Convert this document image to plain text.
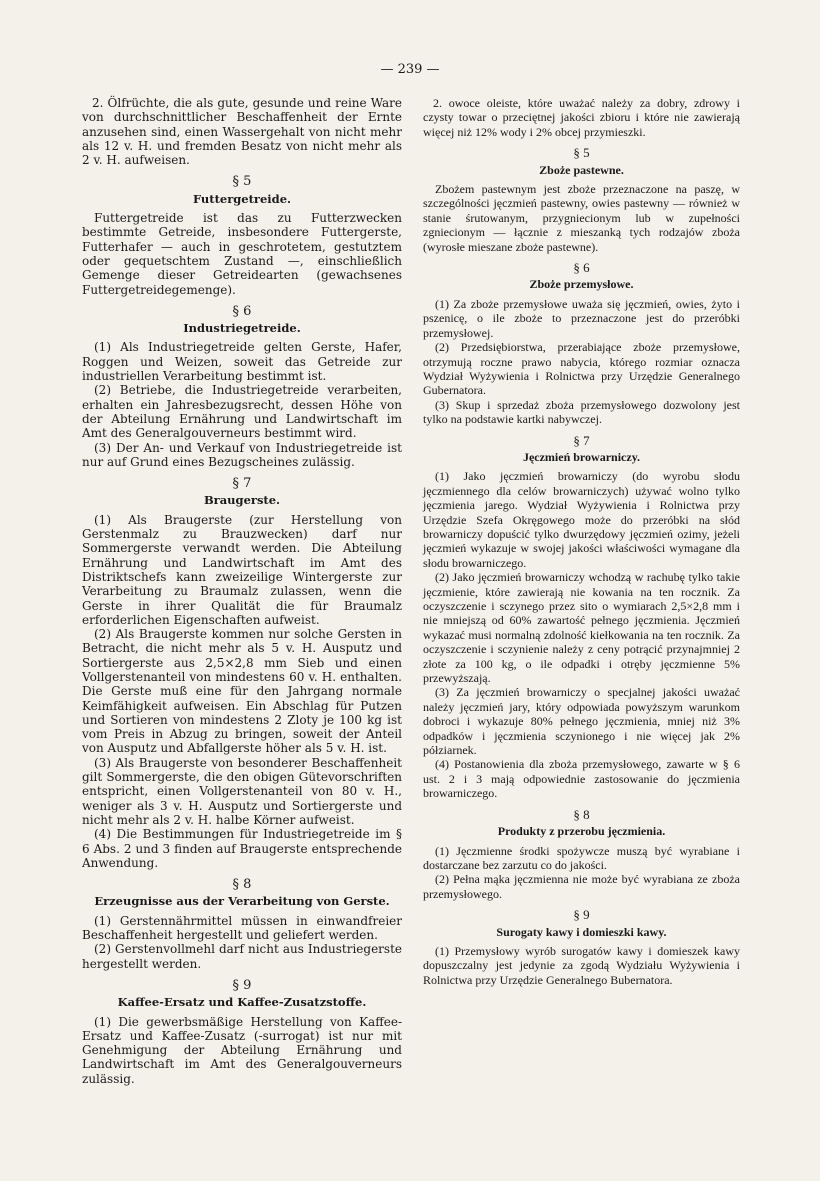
— 239 —

2. Ölfrüchte, die als gute, gesunde und reine Ware von durchschnittlicher Beschaffenheit der Ernte anzusehen sind, einen Wassergehalt von nicht mehr als 12 v. H. und fremden Besatz von nicht mehr als 2 v. H. aufweisen.

§ 5
Futtergetreide.

Futtergetreide ist das zu Futterzwecken bestimmte Getreide, insbesondere Futtergerste, Futterhafer — auch in geschrotetem, gestutztem oder gequetschtem Zustand —, einschließlich Gemenge dieser Getreidearten (gewachsenes Futtergetreidegemenge).

§ 6
Industriegetreide.

(1) Als Industriegetreide gelten Gerste, Hafer, Roggen und Weizen, soweit das Getreide zur industriellen Verarbeitung bestimmt ist.

(2) Betriebe, die Industriegetreide verarbeiten, erhalten ein Jahresbezugsrecht, dessen Höhe von der Abteilung Ernährung und Landwirtschaft im Amt des Generalgouverneurs bestimmt wird.

(3) Der An- und Verkauf von Industriegetreide ist nur auf Grund eines Bezugscheines zulässig.

§ 7
Braugerste.

(1) Als Braugerste (zur Herstellung von Gerstenmalz zu Brauzwecken) darf nur Sommergerste verwandt werden. Die Abteilung Ernährung und Landwirtschaft im Amt des Distriktschefs kann zweizeilige Wintergerste zur Verarbeitung zu Braumalz zulassen, wenn die Gerste in ihrer Qualität die für Braumalz erforderlichen Eigenschaften aufweist.

(2) Als Braugerste kommen nur solche Gersten in Betracht, die nicht mehr als 5 v. H. Ausputz und Sortiergerste aus 2,5×2,8 mm Sieb und einen Vollgerstenanteil von mindestens 60 v. H. enthalten. Die Gerste muß eine für den Jahrgang normale Keimfähigkeit aufweisen. Ein Abschlag für Putzen und Sortieren von mindestens 2 Zloty je 100 kg ist vom Preis in Abzug zu bringen, soweit der Anteil von Ausputz und Abfallgerste höher als 5 v. H. ist.

(3) Als Braugerste von besonderer Beschaffenheit gilt Sommergerste, die den obigen Gütevorschriften entspricht, einen Vollgerstenanteil von 80 v. H., weniger als 3 v. H. Ausputz und Sortiergerste und nicht mehr als 2 v. H. halbe Körner aufweist.

(4) Die Bestimmungen für Industriegetreide im § 6 Abs. 2 und 3 finden auf Braugerste entsprechende Anwendung.

§ 8
Erzeugnisse aus der Verarbeitung von Gerste.

(1) Gerstennährmittel müssen in einwandfreier Beschaffenheit hergestellt und geliefert werden.

(2) Gerstenvollmehl darf nicht aus Industriegerste hergestellt werden.

§ 9
Kaffee-Ersatz und Kaffee-Zusatzstoffe.

(1) Die gewerbsmäßige Herstellung von Kaffee-Ersatz und Kaffee-Zusatz (-surrogat) ist nur mit Genehmigung der Abteilung Ernährung und Landwirtschaft im Amt des Generalgouverneurs zulässig.

2. owoce oleiste, które uważać należy za dobry, zdrowy i czysty towar o przeciętnej jakości zbioru i które nie zawierają więcej niż 12% wody i 2% obcej przymieszki.

§ 5
Zboże pastewne.

Zbożem pastewnym jest zboże przeznaczone na paszę, w szczególności jęczmień pastewny, owies pastewny — również w stanie śrutowanym, przygniecionym lub w zupełności zgniecionym — łącznie z mieszanką tych rodzajów zboża (wyrosłe mieszane zboże pastewne).

§ 6
Zboże przemysłowe.

(1) Za zboże przemysłowe uważa się jęczmień, owies, żyto i pszenicę, o ile zboże to przeznaczone jest do przeróbki przemysłowej.

(2) Przedsiębiorstwa, przerabiające zboże przemysłowe, otrzymują roczne prawo nabycia, którego rozmiar oznacza Wydział Wyżywienia i Rolnictwa przy Urzędzie Generalnego Gubernatora.

(3) Skup i sprzedaż zboża przemysłowego dozwolony jest tylko na podstawie kartki nabywczej.

§ 7
Jęczmień browarniczy.

(1) Jako jęczmień browarniczy (do wyrobu słodu jęczmiennego dla celów browarniczych) używać wolno tylko jęczmienia jarego. Wydział Wyżywienia i Rolnictwa przy Urzędzie Szefa Okręgowego może do przeróbki na słód browarniczy dopuścić tylko dwurzędowy jęczmień ozimy, jeżeli jęczmień wykazuje w swojej jakości właściwości wymagane dla słodu browarniczego.

(2) Jako jęczmień browarniczy wchodzą w rachubę tylko takie jęczmienie, które zawierają nie kowania na ten rocznik. Za oczyszczenie i sczynego przez sito o wymiarach 2,5×2,8 mm i nie mniejszą od 60% zawartość pełnego jęczmienia. Jęczmień wykazać musi normalną zdolność kiełkowania na ten rocznik. Za oczyszczenie i sczynienie należy z ceny potrącić przynajmniej 2 złote za 100 kg, o ile odpadki i otręby jęczmienne 5% przewyższają.

(3) Za jęczmień browarniczy o specjalnej jakości uważać należy jęczmień jary, który odpowiada powyższym warunkom dobroci i wykazuje 80% pełnego jęczmienia, mniej niż 3% odpadków i jęczmienia sczynionego i nie więcej jak 2% półziarnek.

(4) Postanowienia dla zboża przemysłowego, zawarte w § 6 ust. 2 i 3 mają odpowiednie zastosowanie do jęczmienia browarniczego.

§ 8
Produkty z przerobu jęczmienia.

(1) Jęczmienne środki spożywcze muszą być wyrabiane i dostarczane bez zarzutu co do jakości.

(2) Pełna mąka jęczmienna nie może być wyrabiana ze zboża przemysłowego.

§ 9
Surogaty kawy i domieszki kawy.

(1) Przemysłowy wyrób surogatów kawy i domieszek kawy dopuszczalny jest jedynie za zgodą Wydziału Wyżywienia i Rolnictwa przy Urzędzie Generalnego Bubernatora.
